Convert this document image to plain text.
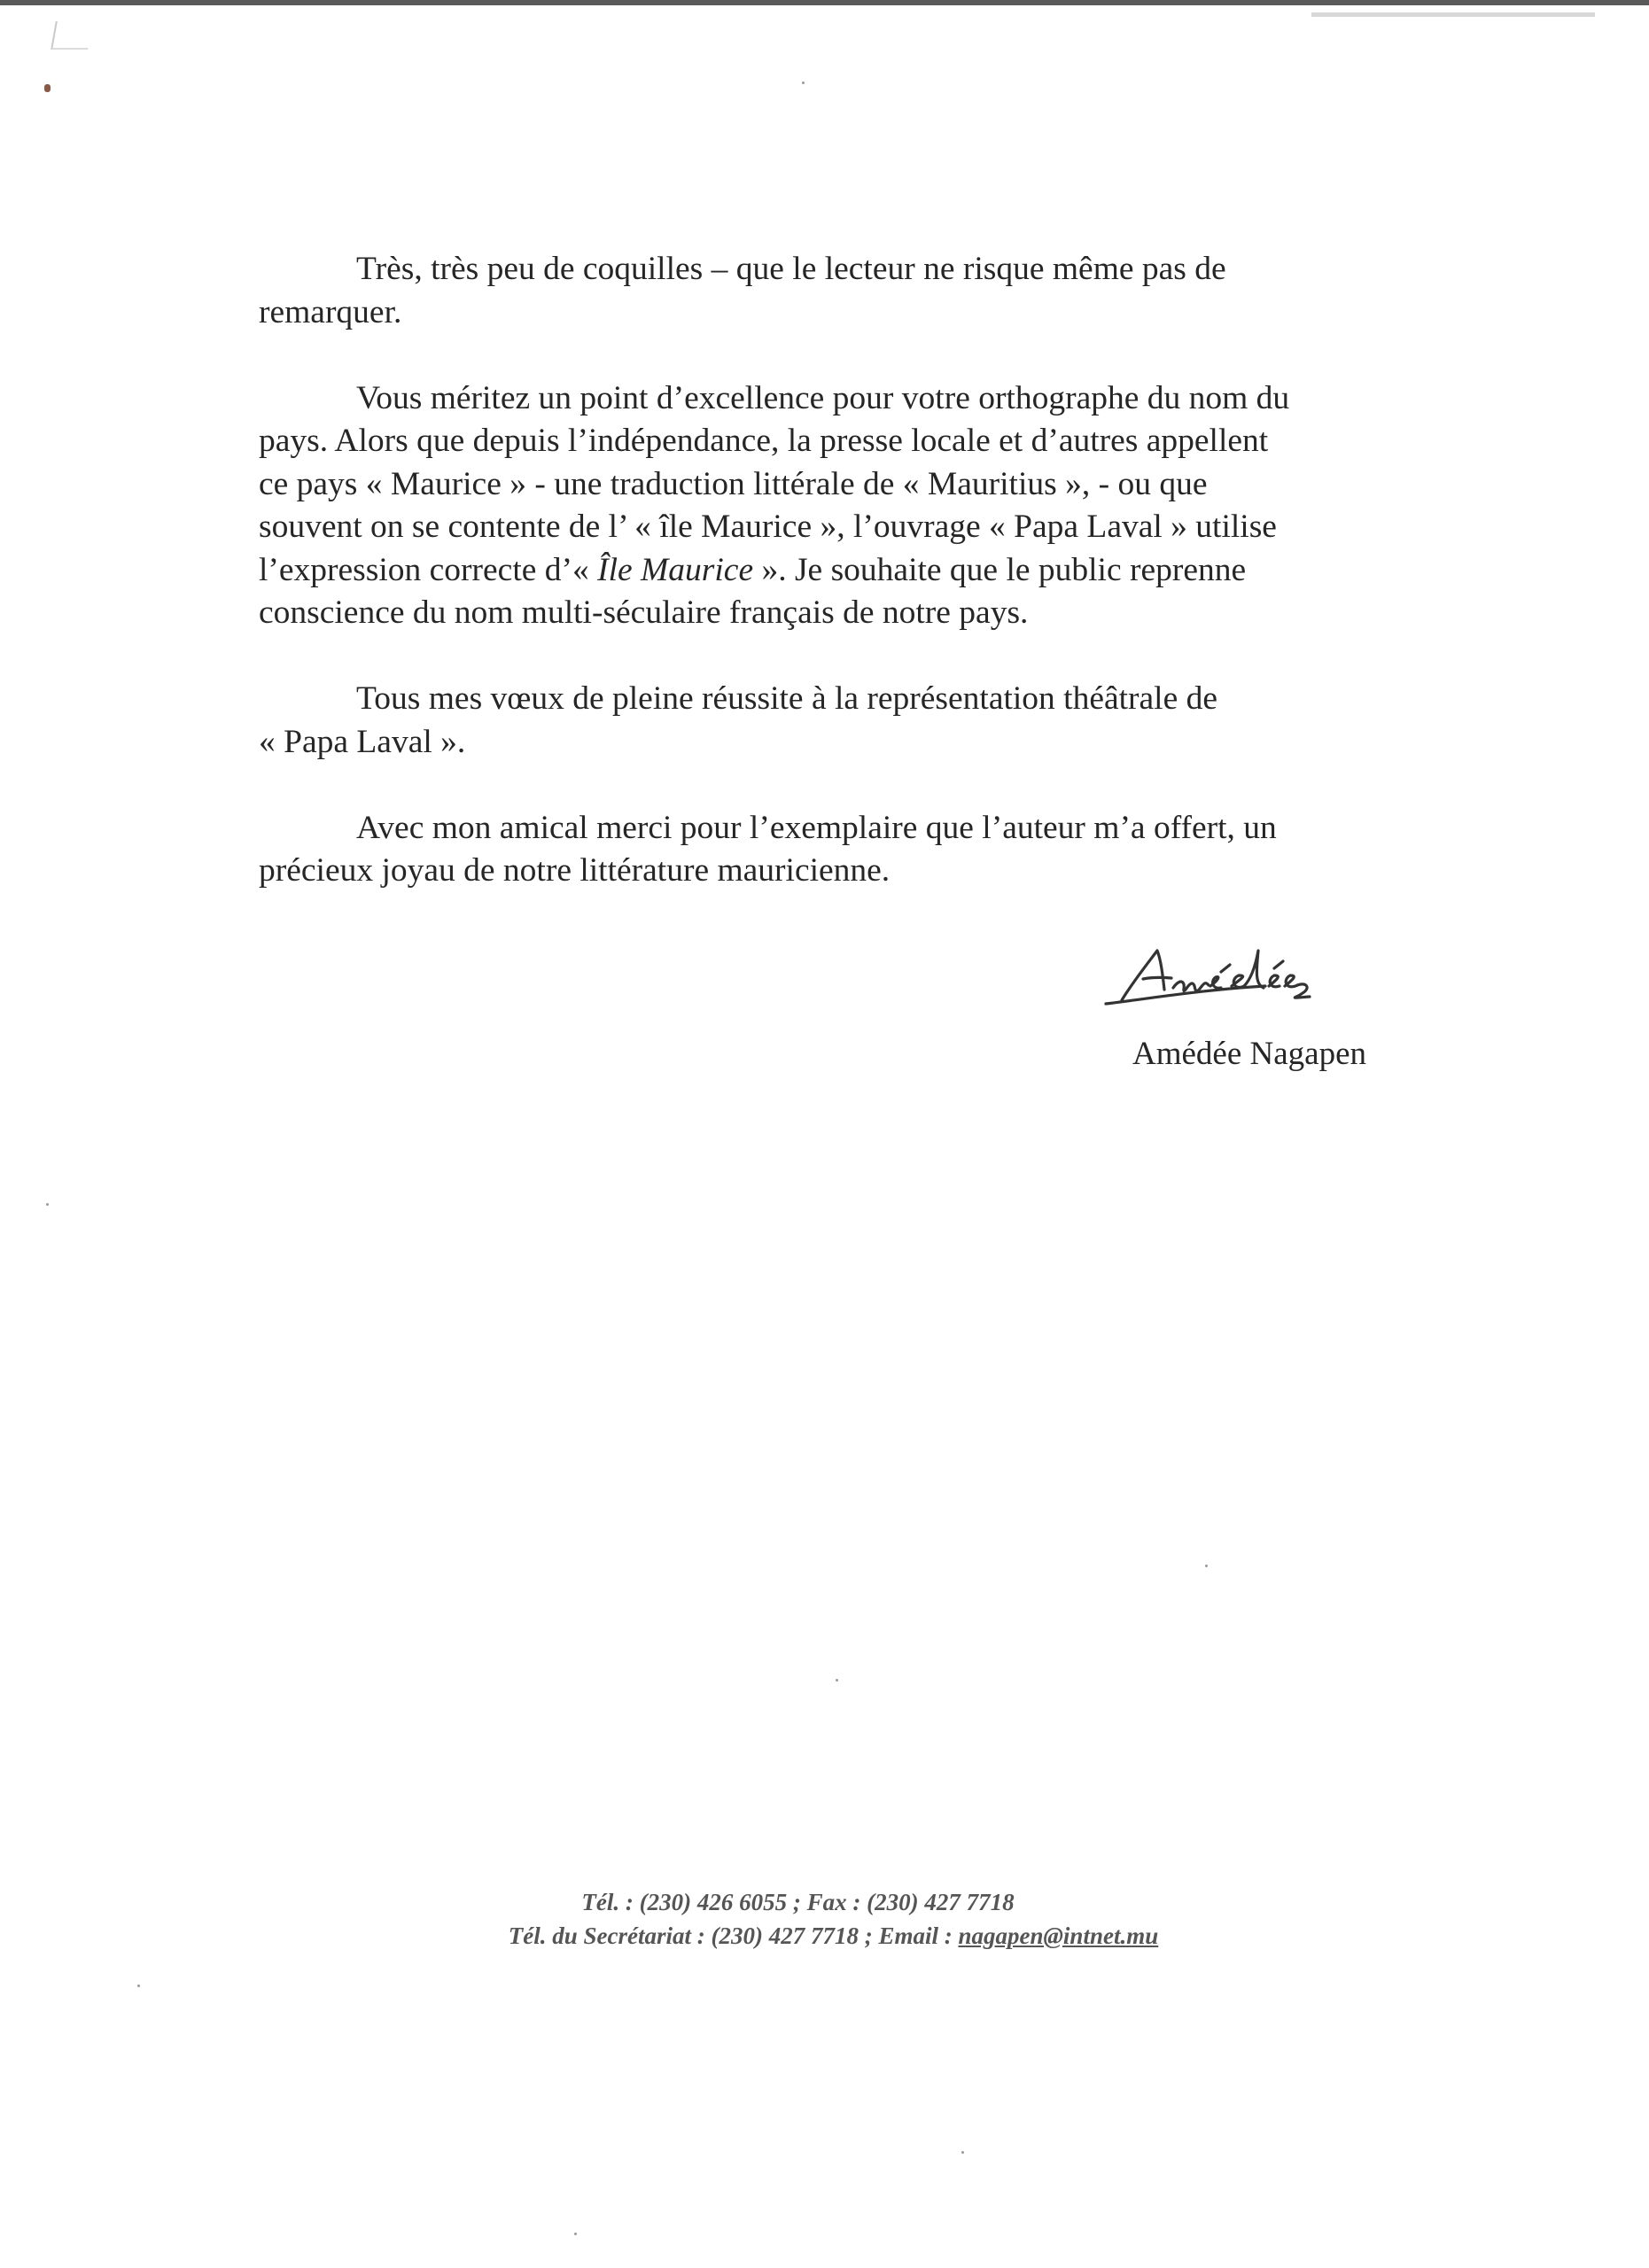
Très, très peu de coquilles – que le lecteur ne risque même pas de
remarquer.

Vous méritez un point d’excellence pour votre orthographe du nom du
pays. Alors que depuis l’indépendance, la presse locale et d’autres appellent
ce pays « Maurice » - une traduction littérale de « Mauritius », - ou que
souvent on se contente de l’ « île Maurice », l’ouvrage « Papa Laval » utilise
l’expression correcte d’« Île Maurice ». Je souhaite que le public reprenne
conscience du nom multi-séculaire français de notre pays.

Tous mes vœux de pleine réussite à la représentation théâtrale de
« Papa Laval ».

Avec mon amical merci pour l’exemplaire que l’auteur m’a offert, un
précieux joyau de notre littérature mauricienne.

Amédée Nagapen
Tél. : (230) 426 6055 ; Fax : (230) 427 7718
Tél. du Secrétariat : (230) 427 7718 ; Email : nagapen@intnet.mu
